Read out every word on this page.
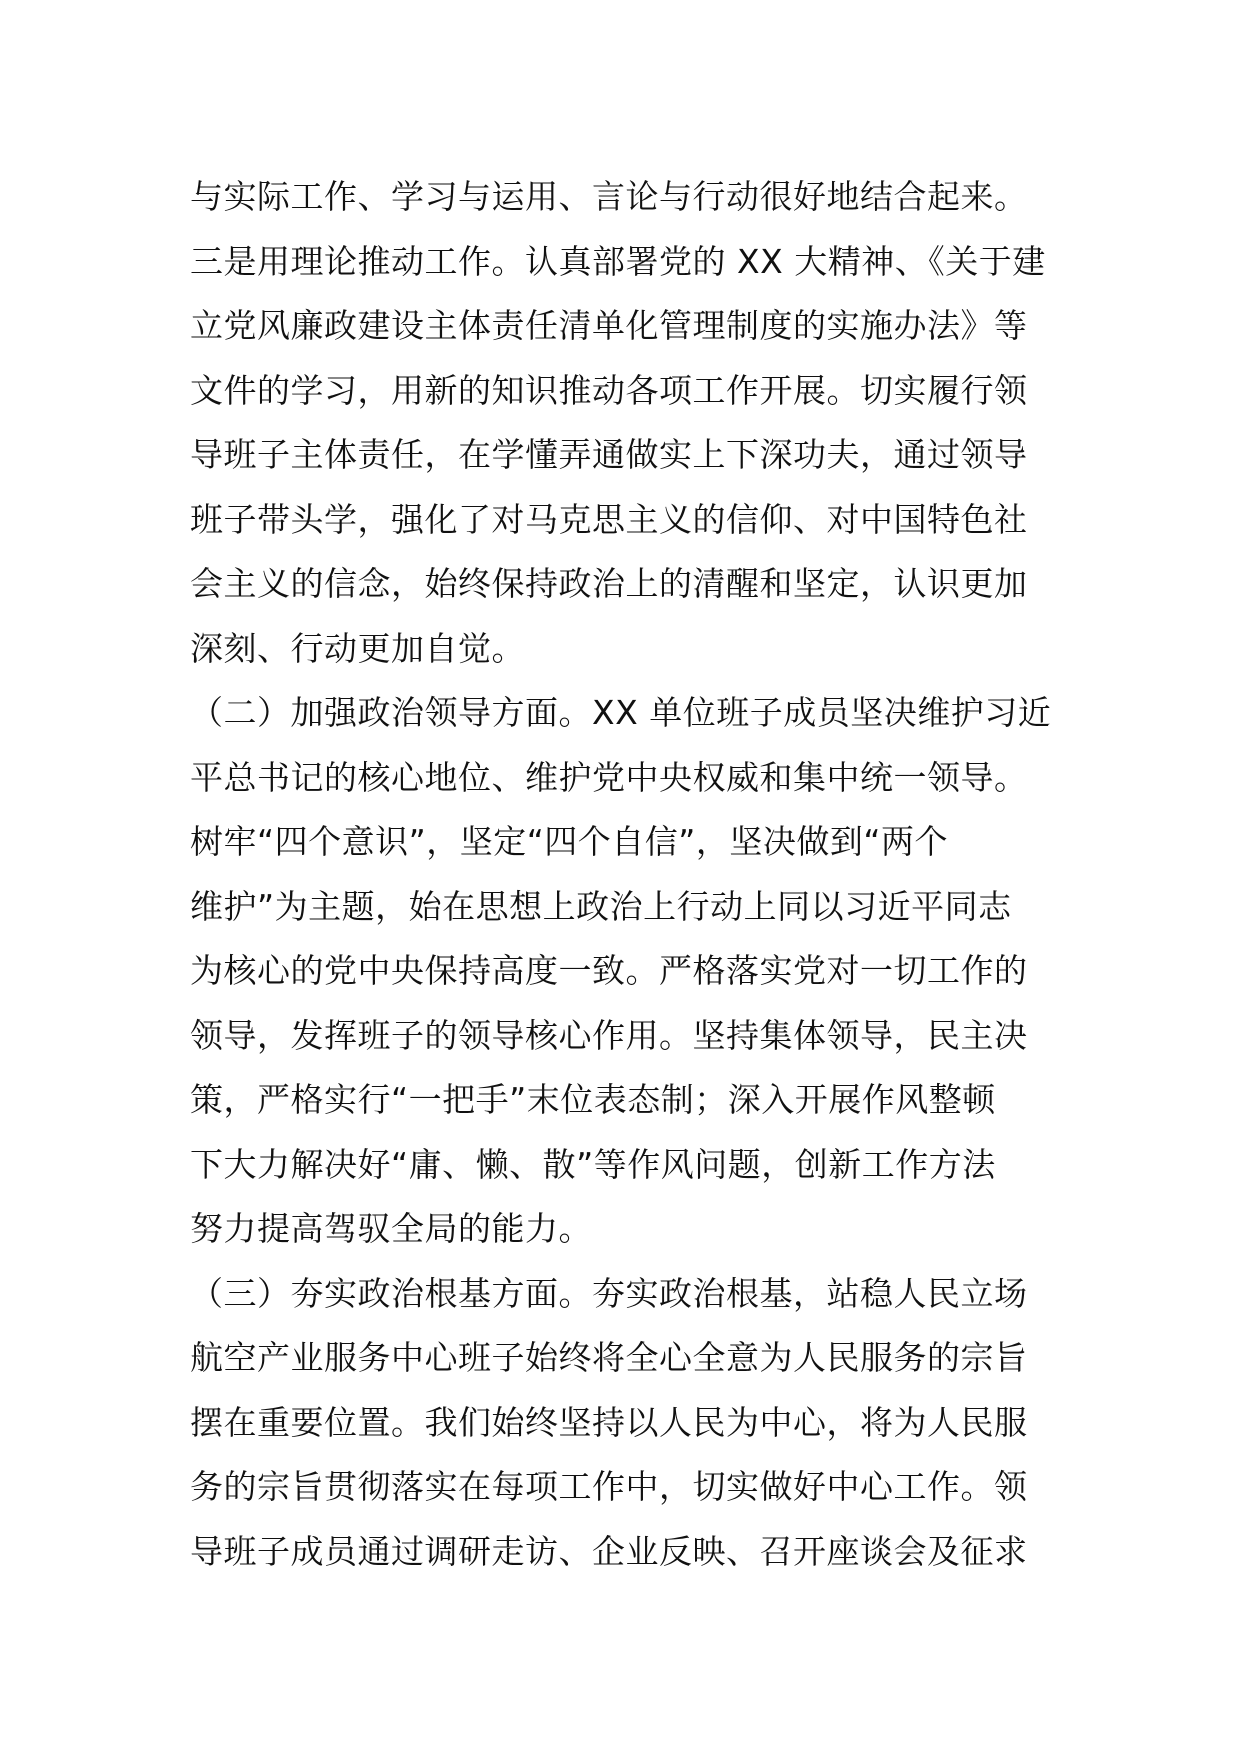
与实际工作、学习与运用、言论与行动很好地结合起来。
三是用理论推动工作。认真部署党的 XX 大精神、《关于建
立党风廉政建设主体责任清单化管理制度的实施办法》等
文件的学习，用新的知识推动各项工作开展。切实履行领
导班子主体责任，在学懂弄通做实上下深功夫，通过领导
班子带头学，强化了对马克思主义的信仰、对中国特色社
会主义的信念，始终保持政治上的清醒和坚定，认识更加
深刻、行动更加自觉。
（二）加强政治领导方面。XX 单位班子成员坚决维护习近
平总书记的核心地位、维护党中央权威和集中统一领导。
树牢“四个意识”，坚定“四个自信”，坚决做到“两个
维护”为主题，始在思想上政治上行动上同以习近平同志
为核心的党中央保持高度一致。严格落实党对一切工作的
领导，发挥班子的领导核心作用。坚持集体领导，民主决
策，严格实行“一把手”末位表态制；深入开展作风整顿
下大力解决好“庸、懒、散”等作风问题，创新工作方法
努力提高驾驭全局的能力。
（三）夯实政治根基方面。夯实政治根基，站稳人民立场
航空产业服务中心班子始终将全心全意为人民服务的宗旨
摆在重要位置。我们始终坚持以人民为中心，将为人民服
务的宗旨贯彻落实在每项工作中，切实做好中心工作。领
导班子成员通过调研走访、企业反映、召开座谈会及征求
